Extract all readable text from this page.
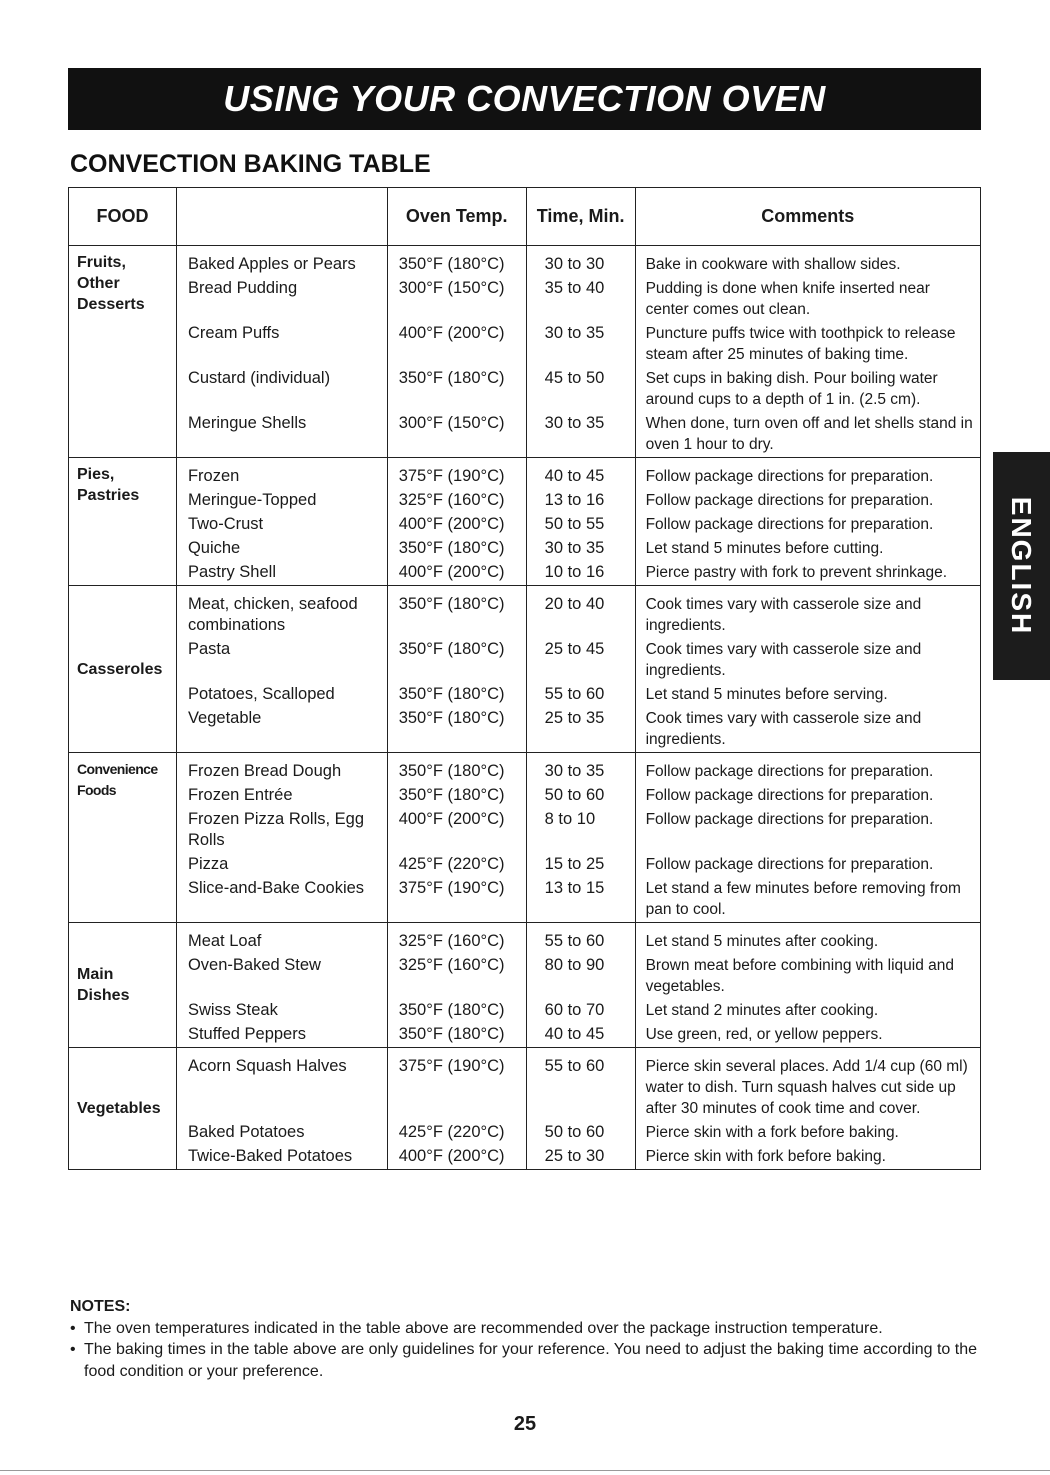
USING YOUR CONVECTION OVEN
CONVECTION BAKING TABLE
ENGLISH
FOOD		Oven Temp.	Time, Min.	Comments
Fruits,
Other
Desserts	Baked Apples or Pears	350°F (180°C)	30 to 30	Bake in cookware with shallow sides.
	Bread Pudding	300°F (150°C)	35 to 40	Pudding is done when knife inserted near center comes out clean.
	Cream Puffs	400°F (200°C)	30 to 35	Puncture puffs twice with toothpick to release steam after 25 minutes of baking time.
	Custard (individual)	350°F (180°C)	45 to 50	Set cups in baking dish. Pour boiling water around cups to a depth of 1 in. (2.5 cm).
	Meringue Shells	300°F (150°C)	30 to 35	When done, turn oven off and let shells stand in oven 1 hour to dry.
Pies,
Pastries	Frozen	375°F (190°C)	40 to 45	Follow package directions for preparation.
	Meringue-Topped	325°F (160°C)	13 to 16	Follow package directions for preparation.
	Two-Crust	400°F (200°C)	50 to 55	Follow package directions for preparation.
	Quiche	350°F (180°C)	30 to 35	Let stand 5 minutes before cutting.
	Pastry Shell	400°F (200°C)	10 to 16	Pierce pastry with fork to prevent shrinkage.
Casseroles	Meat, chicken, seafood combinations	350°F (180°C)	20 to 40	Cook times vary with casserole size and ingredients.
	Pasta	350°F (180°C)	25 to 45	Cook times vary with casserole size and ingredients.
	Potatoes, Scalloped	350°F (180°C)	55 to 60	Let stand 5 minutes before serving.
	Vegetable	350°F (180°C)	25 to 35	Cook times vary with casserole size and ingredients.
Convenience
Foods	Frozen Bread Dough	350°F (180°C)	30 to 35	Follow package directions for preparation.
	Frozen Entrée	350°F (180°C)	50 to 60	Follow package directions for preparation.
	Frozen Pizza Rolls, Egg Rolls	400°F (200°C)	8 to 10	Follow package directions for preparation.
	Pizza	425°F (220°C)	15 to 25	Follow package directions for preparation.
	Slice-and-Bake Cookies	375°F (190°C)	13 to 15	Let stand a few minutes before removing from pan to cool.
Main
Dishes	Meat Loaf	325°F (160°C)	55 to 60	Let stand 5 minutes after cooking.
	Oven-Baked Stew	325°F (160°C)	80 to 90	Brown meat before combining with liquid and vegetables.
	Swiss Steak	350°F (180°C)	60 to 70	Let stand 2 minutes after cooking.
	Stuffed Peppers	350°F (180°C)	40 to 45	Use green, red, or yellow peppers.
Vegetables	Acorn Squash Halves	375°F (190°C)	55 to 60	Pierce skin several places. Add 1/4 cup (60 ml) water to dish. Turn squash halves cut side up after 30 minutes of cook time and cover.
	Baked Potatoes	425°F (220°C)	50 to 60	Pierce skin with a fork before baking.
	Twice-Baked Potatoes	400°F (200°C)	25 to 30	Pierce skin with fork before baking.
NOTES:
• The oven temperatures indicated in the table above are recommended over the package instruction temperature.
• The baking times in the table above are only guidelines for your reference. You need to adjust the baking time according to the food condition or your preference.
25
